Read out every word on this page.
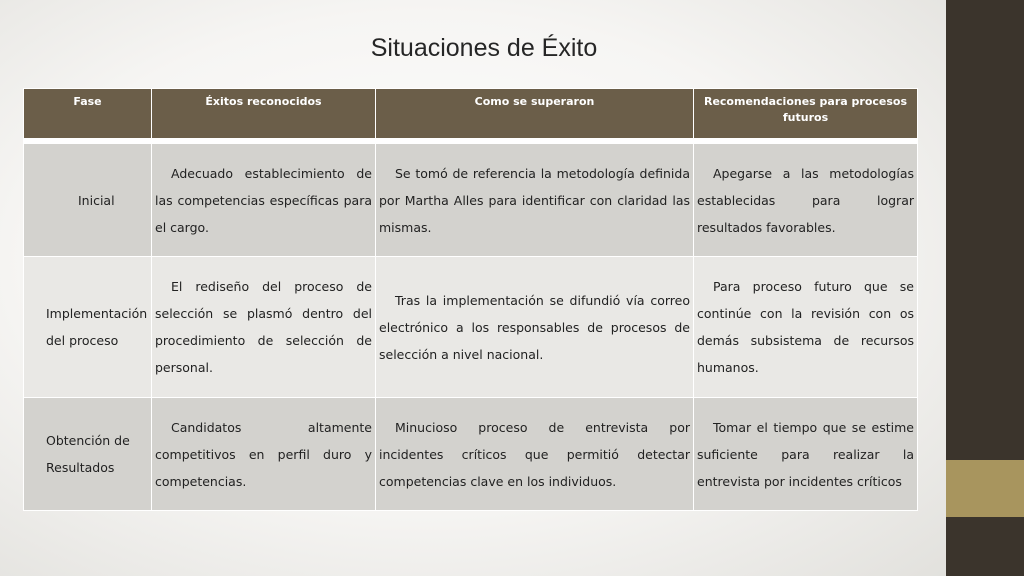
Situaciones de Éxito
Fase	Éxitos reconocidos	Como se superaron	Recomendaciones para procesos futuros

Inicial	Adecuado establecimiento de las competencias específicas para el cargo.	Se tomó de referencia la metodología definida por Martha Alles para identificar con claridad las mismas.	Apegarse a las metodologías establecidas para lograr resultados favorables.

Implementación del proceso	El rediseño del proceso de selección se plasmó dentro del procedimiento de selección de personal.	Tras la implementación se difundió vía correo electrónico a los responsables de procesos de selección a nivel nacional.	Para proceso futuro que se continúe con la revisión con os demás subsistema de recursos humanos.

Obtención de Resultados	Candidatos altamente competitivos en perfil duro y competencias.	Minucioso proceso de entrevista por incidentes críticos que permitió detectar competencias clave en los individuos.	Tomar el tiempo que se estime suficiente para realizar la entrevista por incidentes críticos
